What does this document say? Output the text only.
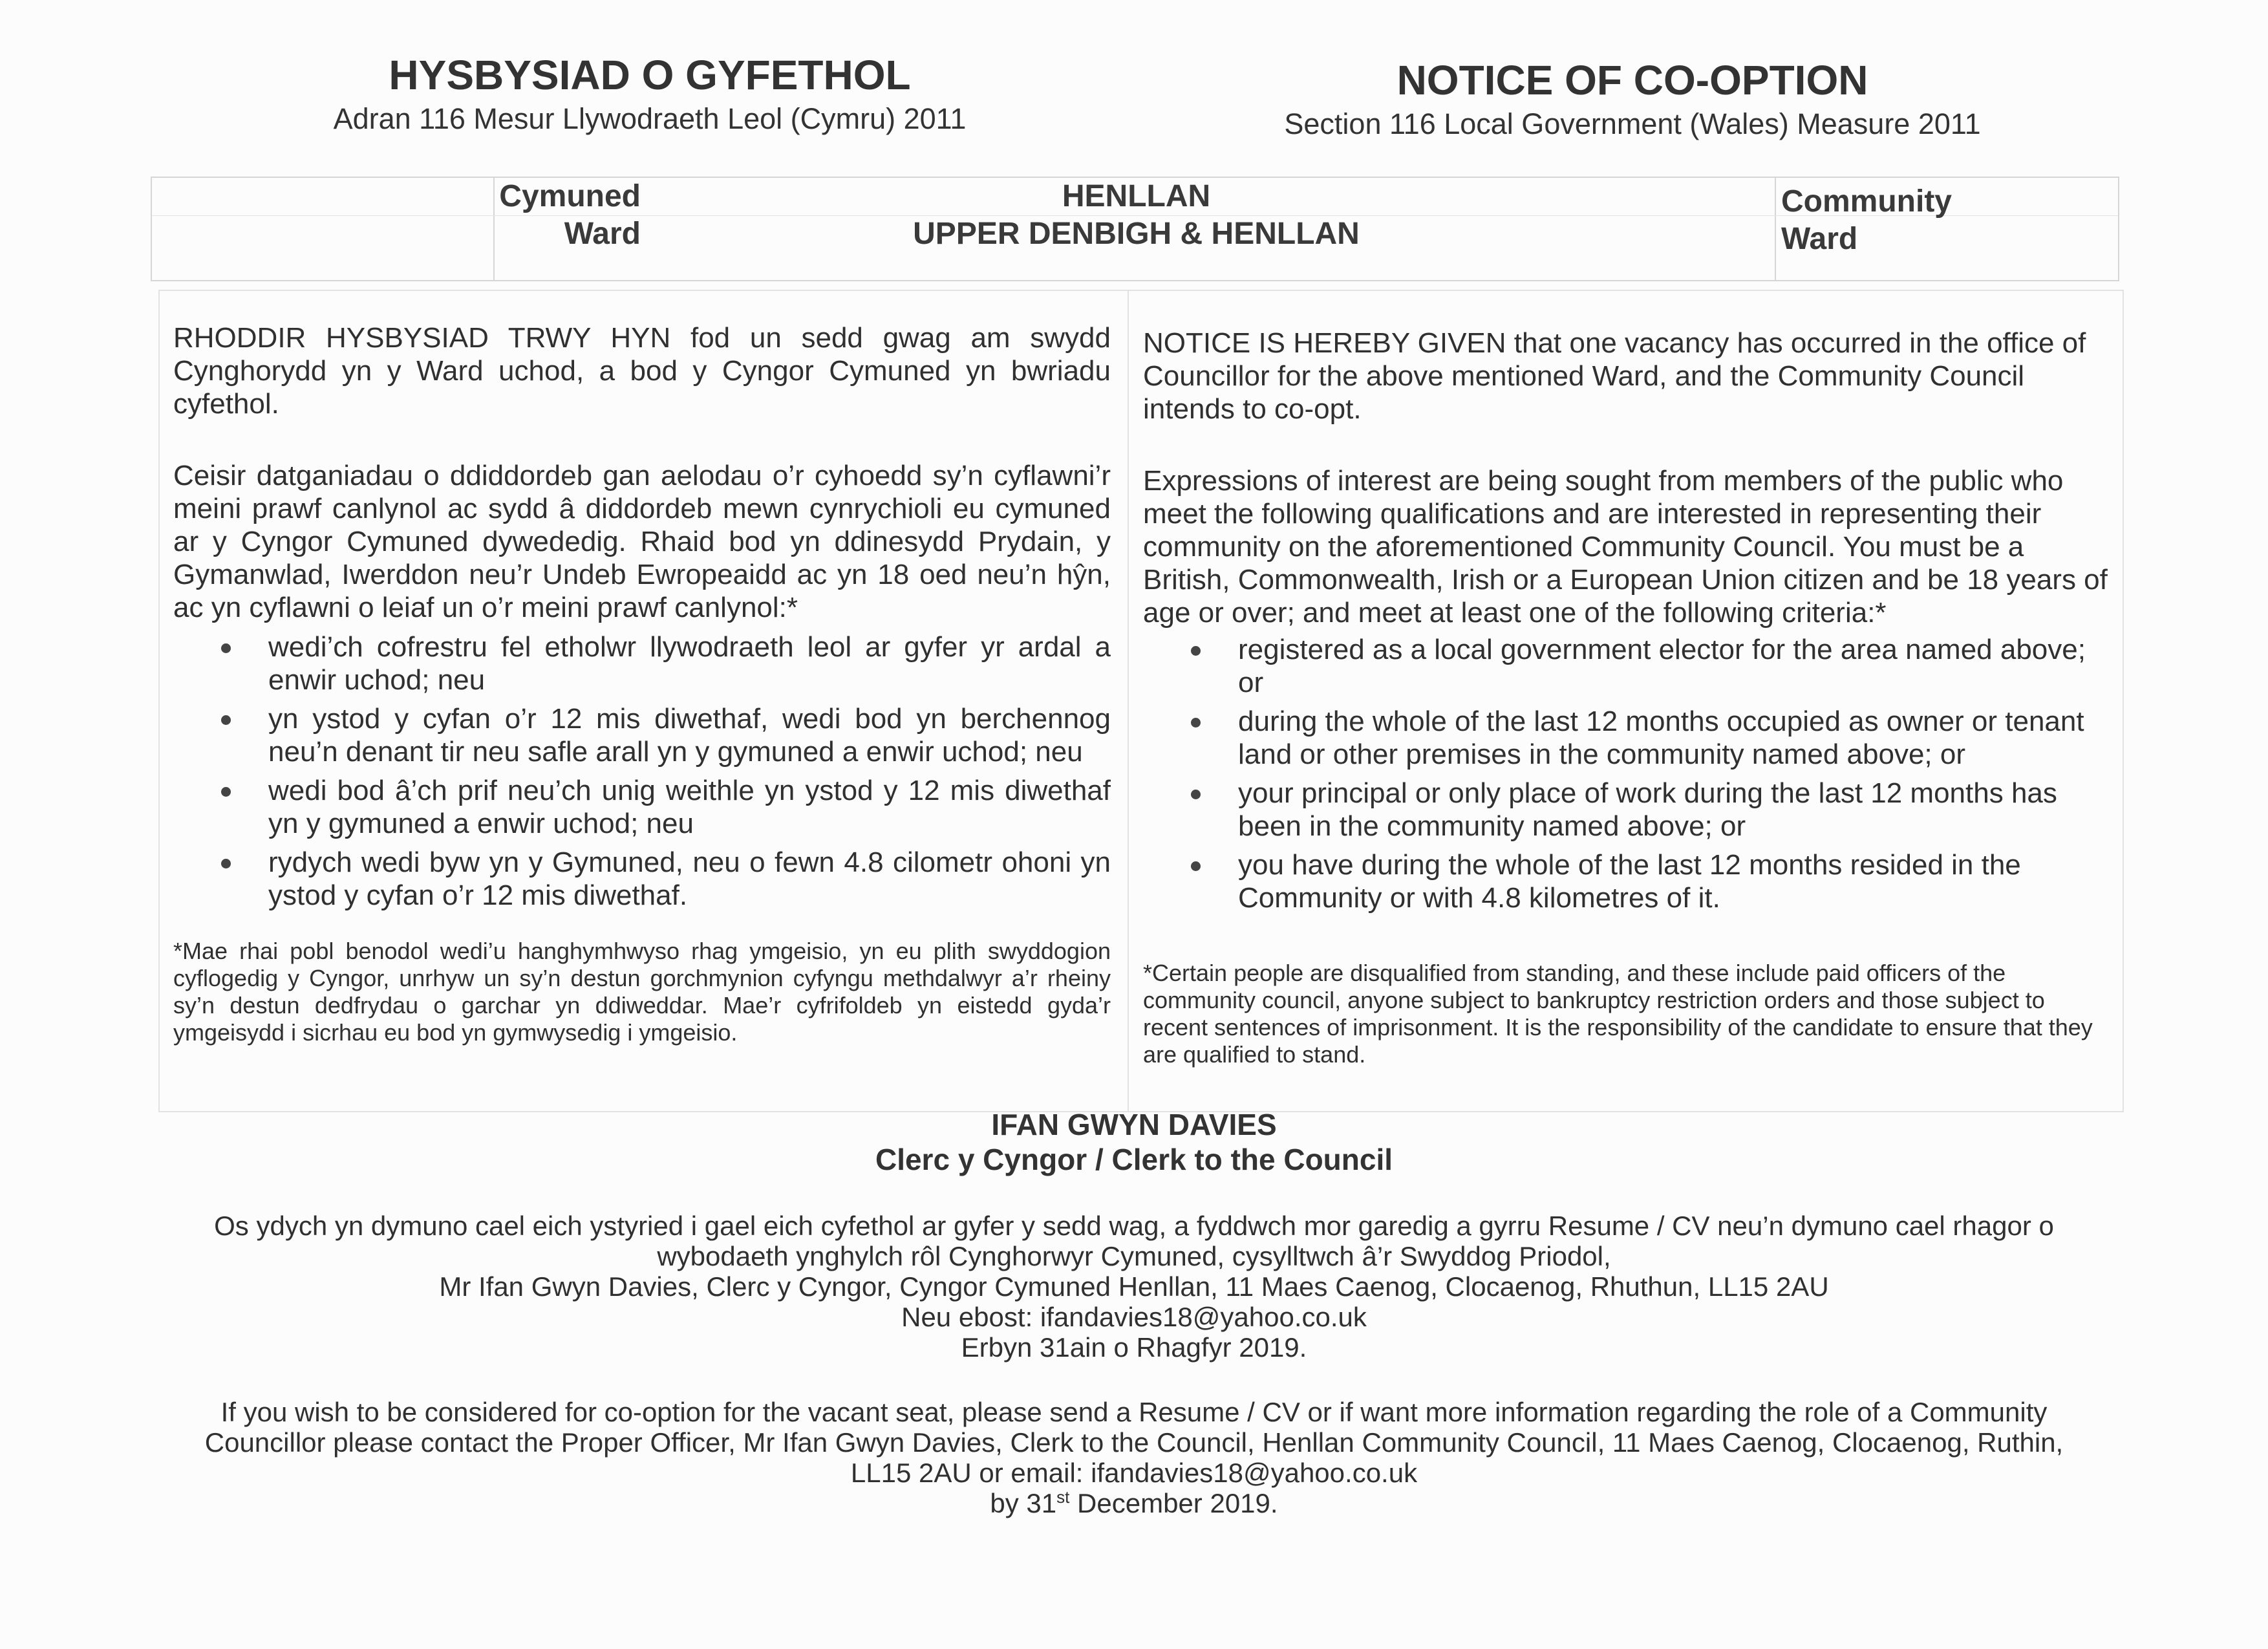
HYSBYSIAD O GYFETHOL
Adran 116 Mesur Llywodraeth Leol (Cymru) 2011
NOTICE OF CO-OPTION
Section 116 Local Government (Wales) Measure 2011
Cymuned
Ward
HENLLAN
UPPER DENBIGH & HENLLAN
Community
Ward

RHODDIR HYSBYSIAD TRWY HYN fod un sedd gwag am swydd Cynghorydd yn y Ward uchod, a bod y Cyngor Cymuned yn bwriadu cyfethol.

Ceisir datganiadau o ddiddordeb gan aelodau o’r cyhoedd sy’n cyflawni’r meini prawf canlynol ac sydd â diddordeb mewn cynrychioli eu cymuned ar y Cyngor Cymuned dywededig. Rhaid bod yn ddinesydd Prydain, y Gymanwlad, Iwerddon neu’r Undeb Ewropeaidd ac yn 18 oed neu’n hŷn, ac yn cyflawni o leiaf un o’r meini prawf canlynol:*

wedi’ch cofrestru fel etholwr llywodraeth leol ar gyfer yr ardal a enwir uchod; neu
yn ystod y cyfan o’r 12 mis diwethaf, wedi bod yn berchennog neu’n denant tir neu safle arall yn y gymuned a enwir uchod; neu
wedi bod â’ch prif neu’ch unig weithle yn ystod y 12 mis diwethaf yn y gymuned a enwir uchod; neu
rydych wedi byw yn y Gymuned, neu o fewn 4.8 cilometr ohoni yn ystod y cyfan o’r 12 mis diwethaf.

*Mae rhai pobl benodol wedi’u hanghymhwyso rhag ymgeisio, yn eu plith swyddogion cyflogedig y Cyngor, unrhyw un sy’n destun gorchmynion cyfyngu methdalwyr a’r rheiny sy’n destun dedfrydau o garchar yn ddiweddar. Mae’r cyfrifoldeb yn eistedd gyda’r ymgeisydd i sicrhau eu bod yn gymwysedig i ymgeisio.

NOTICE IS HEREBY GIVEN that one vacancy has occurred in the office of Councillor for the above mentioned Ward, and the Community Council intends to co-opt.

Expressions of interest are being sought from members of the public who meet the following qualifications and are interested in representing their community on the aforementioned Community Council. You must be a British, Commonwealth, Irish or a European Union citizen and be 18 years of age or over; and meet at least one of the following criteria:*

registered as a local government elector for the area named above; or
during the whole of the last 12 months occupied as owner or tenant land or other premises in the community named above; or
your principal or only place of work during the last 12 months has been in the community named above; or
you have during the whole of the last 12 months resided in the Community or with 4.8 kilometres of it.

*Certain people are disqualified from standing, and these include paid officers of the community council, anyone subject to bankruptcy restriction orders and those subject to recent sentences of imprisonment. It is the responsibility of the candidate to ensure that they are qualified to stand.

IFAN GWYN DAVIES
Clerc y Cyngor / Clerk to the Council
Os ydych yn dymuno cael eich ystyried i gael eich cyfethol ar gyfer y sedd wag, a fyddwch mor garedig a gyrru Resume / CV neu’n dymuno cael rhagor o
wybodaeth ynghylch rôl Cynghorwyr Cymuned, cysylltwch â’r Swyddog Priodol,
Mr Ifan Gwyn Davies, Clerc y Cyngor, Cyngor Cymuned Henllan, 11 Maes Caenog, Clocaenog, Rhuthun, LL15 2AU
Neu ebost: ifandavies18@yahoo.co.uk
Erbyn 31ain o Rhagfyr 2019.
If you wish to be considered for co-option for the vacant seat, please send a Resume / CV or if want more information regarding the role of a Community
Councillor please contact the Proper Officer, Mr Ifan Gwyn Davies, Clerk to the Council, Henllan Community Council, 11 Maes Caenog, Clocaenog, Ruthin,
LL15 2AU or email: ifandavies18@yahoo.co.uk
by 31st December 2019.
